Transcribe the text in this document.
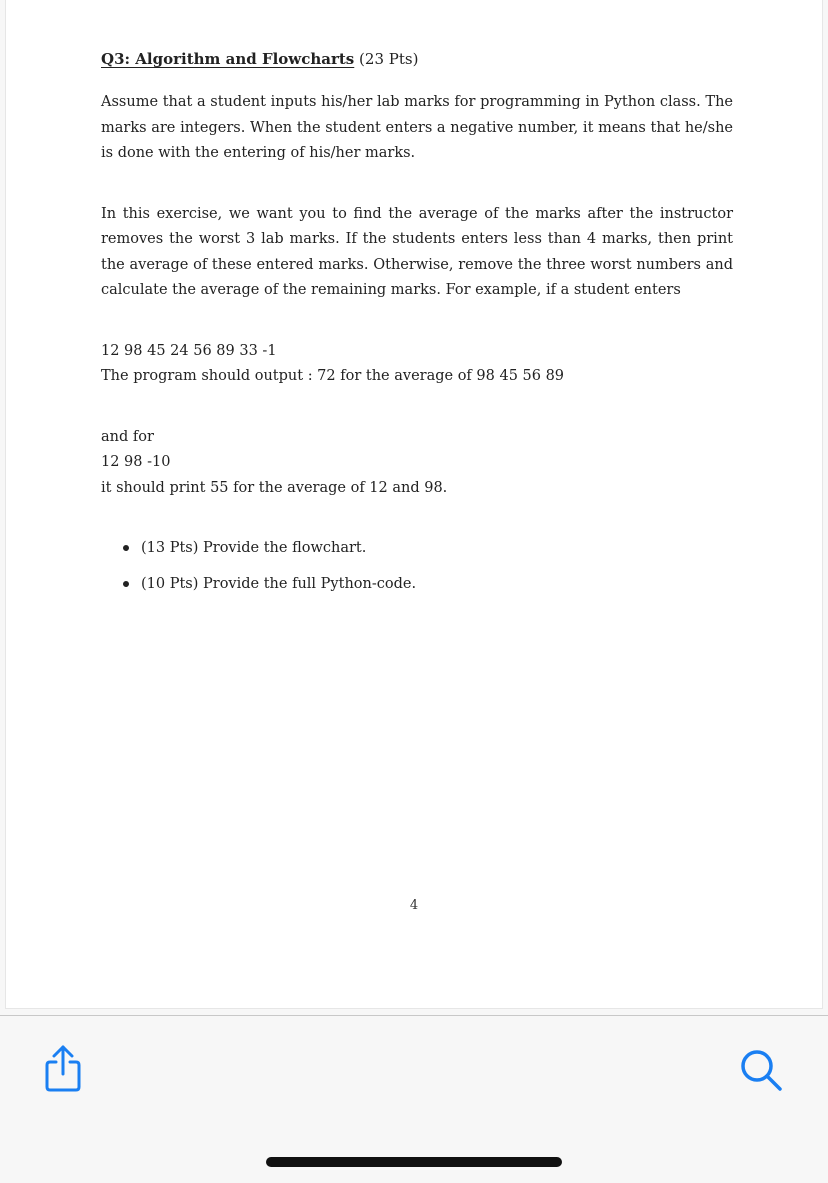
Q3: Algorithm and Flowcharts (23 Pts)

Assume that a student inputs his/her lab marks for programming in Python class. The marks are integers. When the student enters a negative number, it means that he/she is done with the entering of his/her marks.

In this exercise, we want you to find the average of the marks after the instructor removes the worst 3 lab marks. If the students enters less than 4 marks, then print the average of these entered marks. Otherwise, remove the three worst numbers and calculate the average of the remaining marks. For example, if a student enters

12 98 45 24 56 89 33 -1

The program should output : 72 for the average of 98 45 56 89

and for

12 98 -10

it should print 55 for the average of 12 and 98.

(13 Pts) Provide the flowchart.
(10 Pts) Provide the full Python-code.
4
